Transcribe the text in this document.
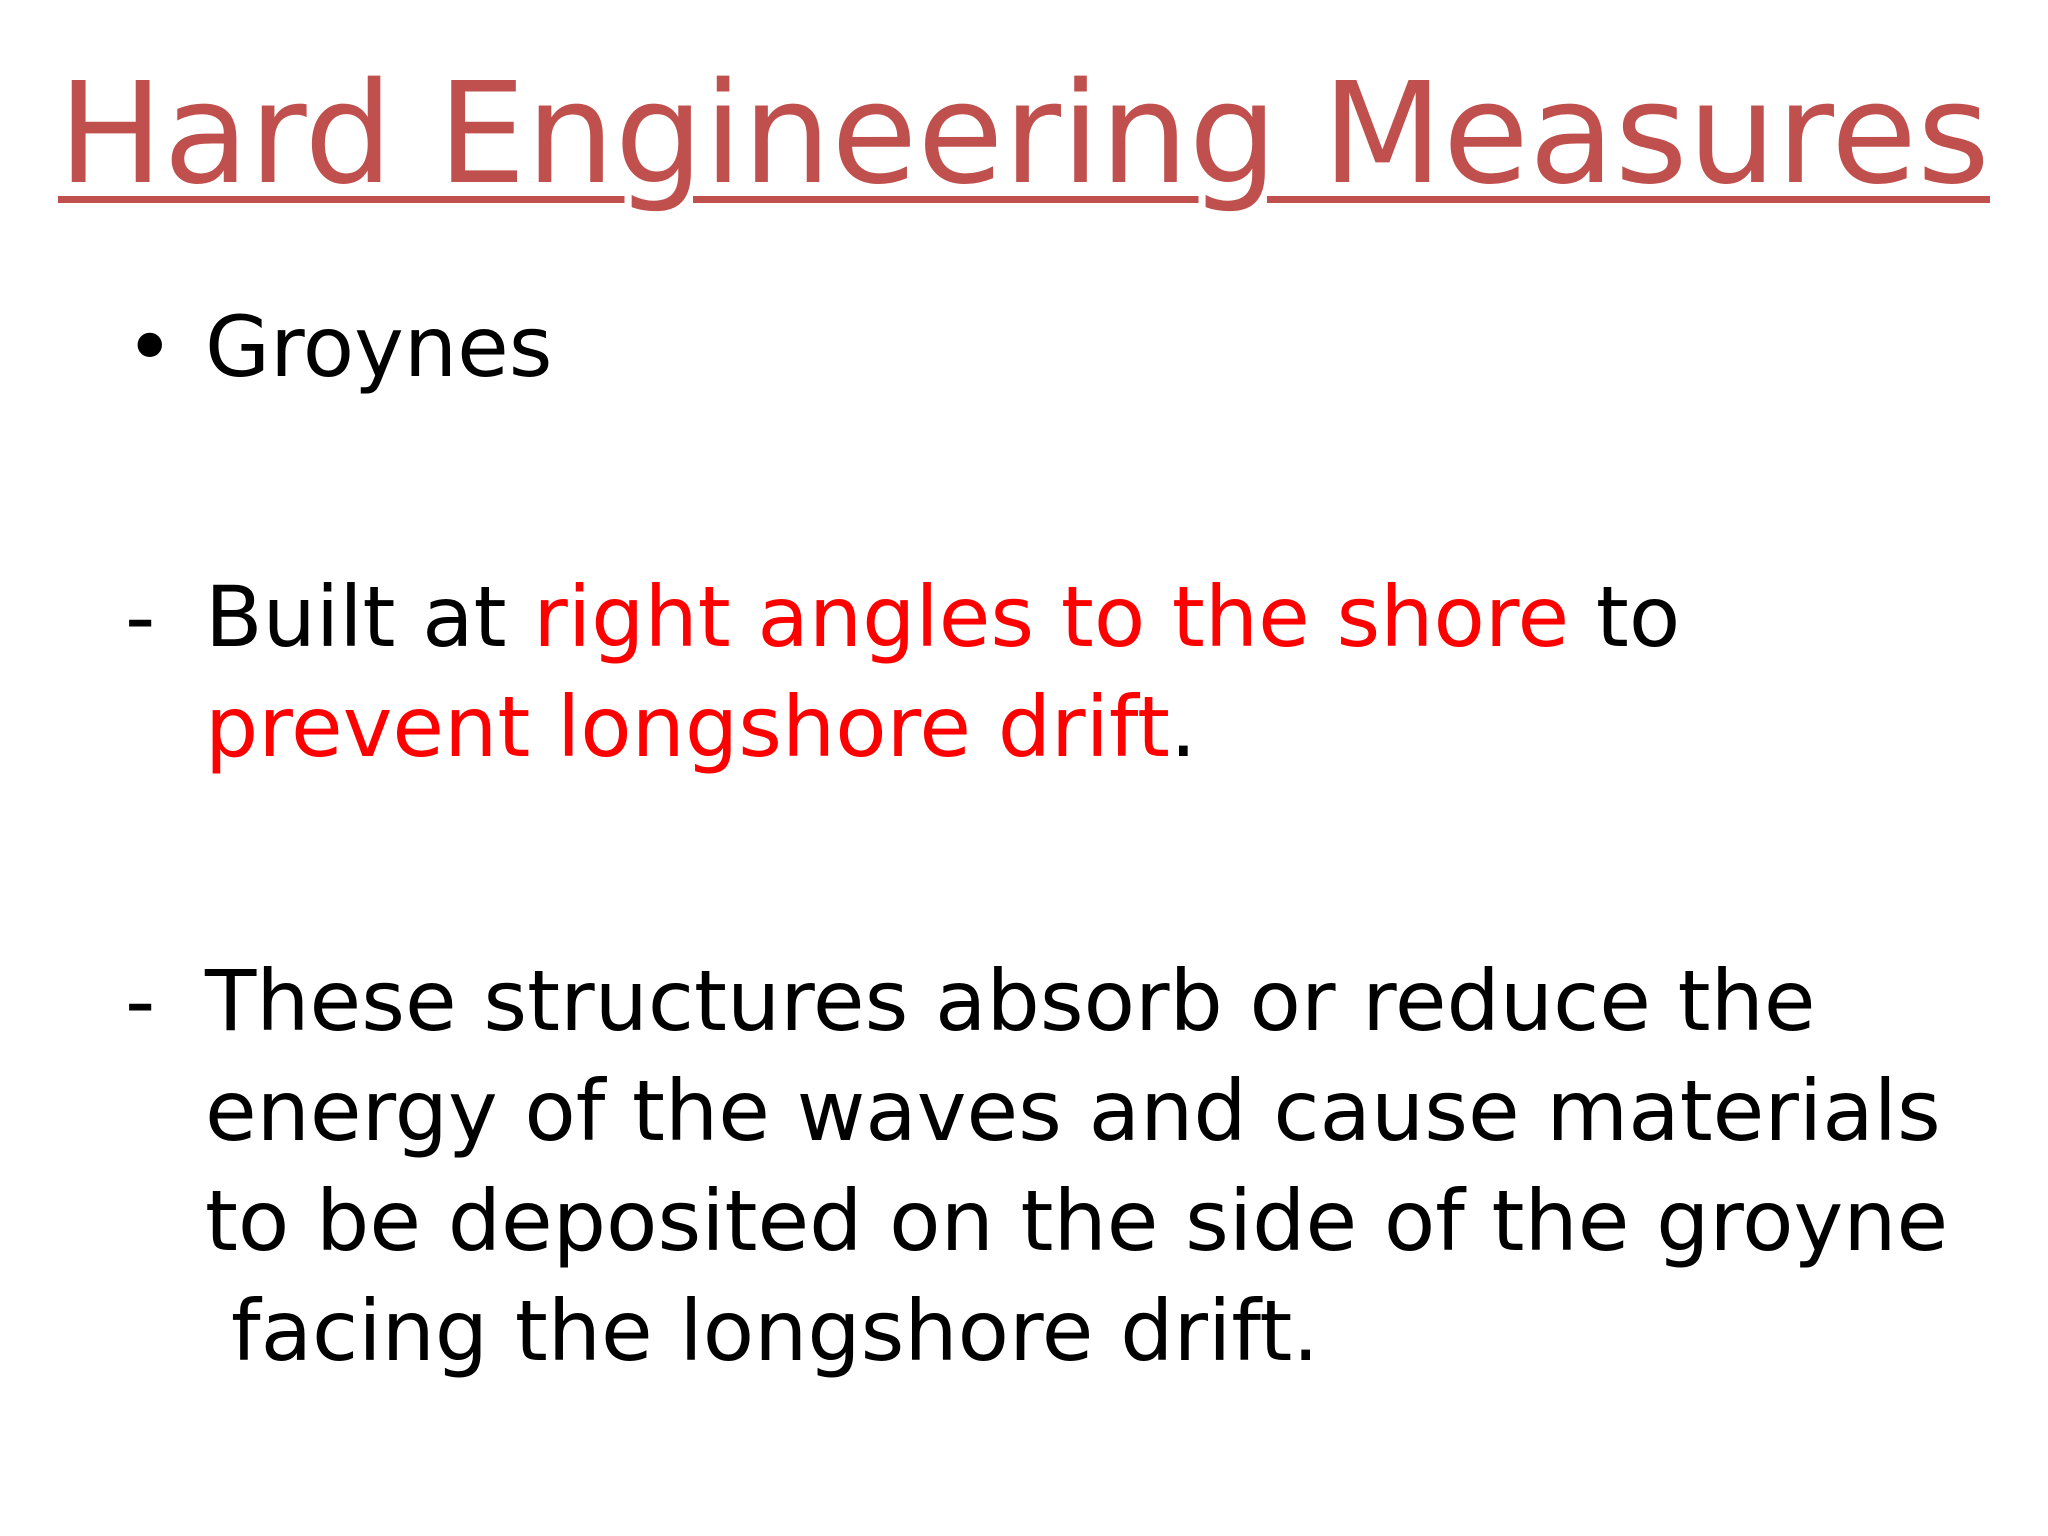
Hard Engineering Measures
• Groynes
- Built at right angles to the shore to prevent longshore drift.
- These structures absorb or reduce the
energy of the waves and cause materials
to be deposited on the side of the groyne
facing the longshore drift.
